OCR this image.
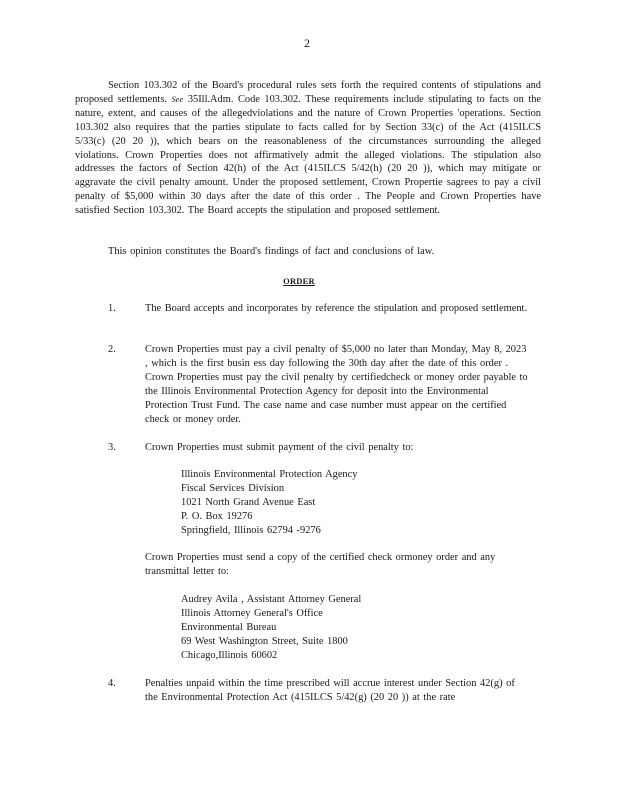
2

Section 103.302 of the Board's procedural rules sets forth the required contents of stipulations and proposed settlements. See 35Ill.Adm. Code 103.302. These requirements include stipulating to facts on the nature, extent, and causes of the allegedviolations and the nature of Crown Properties 'operations. Section 103.302 also requires that the parties stipulate to facts called for by Section 33(c) of the Act (415ILCS 5/33(c) (20 20 )), which bears on the reasonableness of the circumstances surrounding the alleged violations. Crown Properties does not affirmatively admit the alleged violations. The stipulation also addresses the factors of Section 42(h) of the Act (415ILCS 5/42(h) (20 20 )), which may mitigate or aggravate the civil penalty amount. Under the proposed settlement, Crown Propertie sagrees to pay a civil penalty of $5,000 within 30 days after the date of this order . The People and Crown Properties have satisfied Section 103.302. The Board accepts the stipulation and proposed settlement.

This opinion constitutes the Board's findings of fact and conclusions of law.

ORDER
1.	The Board accepts and incorporates by reference the stipulation and proposed settlement.

2.	Crown Properties must pay a civil penalty of $5,000 no later than Monday, May 8, 2023 , which is the first busin ess day following the 30th day after the date of this order . Crown Properties must pay the civil penalty by certifiedcheck or money order payable to the Illinois Environmental Protection Agency for deposit into the Environmental Protection Trust Fund. The case name and case number must appear on the certified check or money order.

3.	Crown Properties must submit payment of the civil penalty to:

Illinois Environmental Protection Agency
Fiscal Services Division
1021 North Grand Avenue East
P. O. Box 19276
Springfield, Illinois 62794 -9276

Crown Properties must send a copy of the certified check ormoney order and any transmittal letter to:

Audrey Avila , Assistant Attorney General
Illinois Attorney General's Office
Environmental Bureau
69 West Washington Street, Suite 1800
Chicago,Illinois 60602
4.	Penalties unpaid within the time prescribed will accrue interest under Section 42(g) of the Environmental Protection Act (415ILCS 5/42(g) (20 20 )) at the rate
